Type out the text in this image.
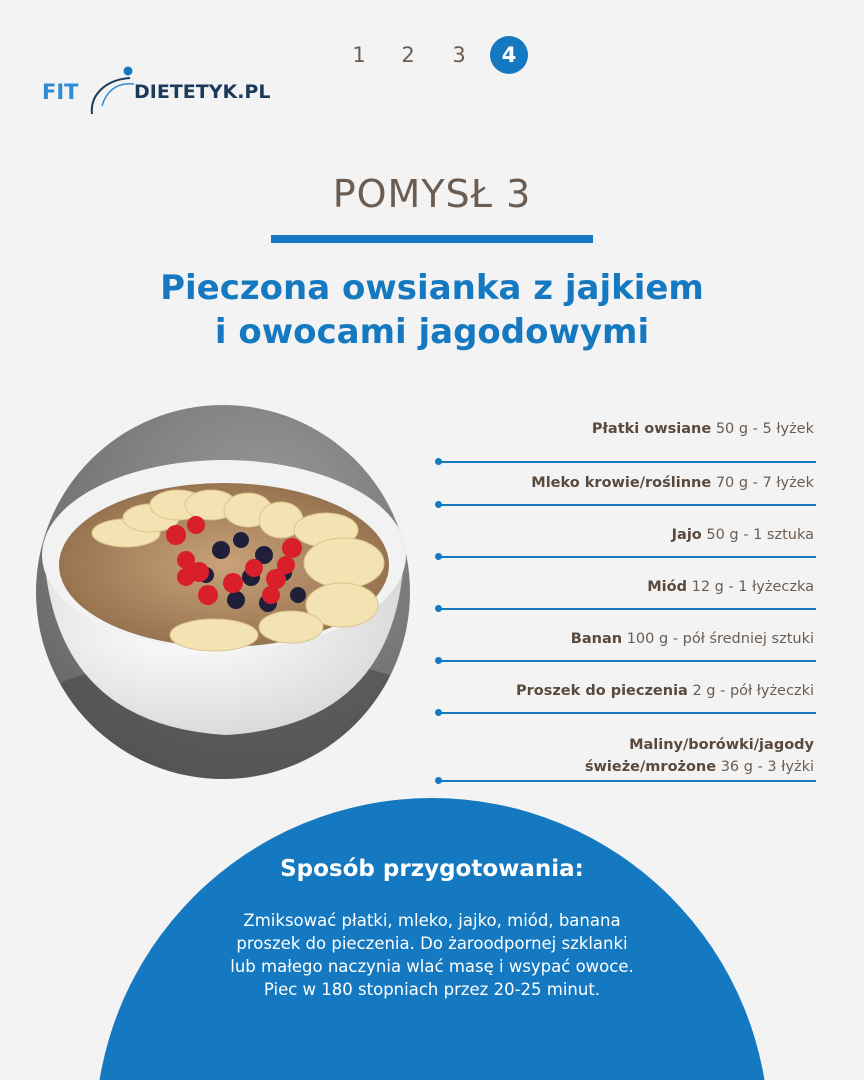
1	2	3	4
FIT	DIETETYK.PL
POMYSŁ 3
Pieczona owsianka z jajkiem
i owocami jagodowymi
Płatki owsiane 50 g - 5 łyżek
Mleko krowie/roślinne 70 g - 7 łyżek
Jajo 50 g - 1 sztuka
Miód 12 g - 1 łyżeczka
Banan 100 g - pół średniej sztuki
Proszek do pieczenia 2 g - pół łyżeczki
Maliny/borówki/jagody
świeże/mrożone 36 g - 3 łyżki
Sposób przygotowania:
Zmiksować płatki, mleko, jajko, miód, banana
proszek do pieczenia. Do żaroodpornej szklanki
lub małego naczynia wlać masę i wsypać owoce.
Piec w 180 stopniach przez 20-25 minut.
